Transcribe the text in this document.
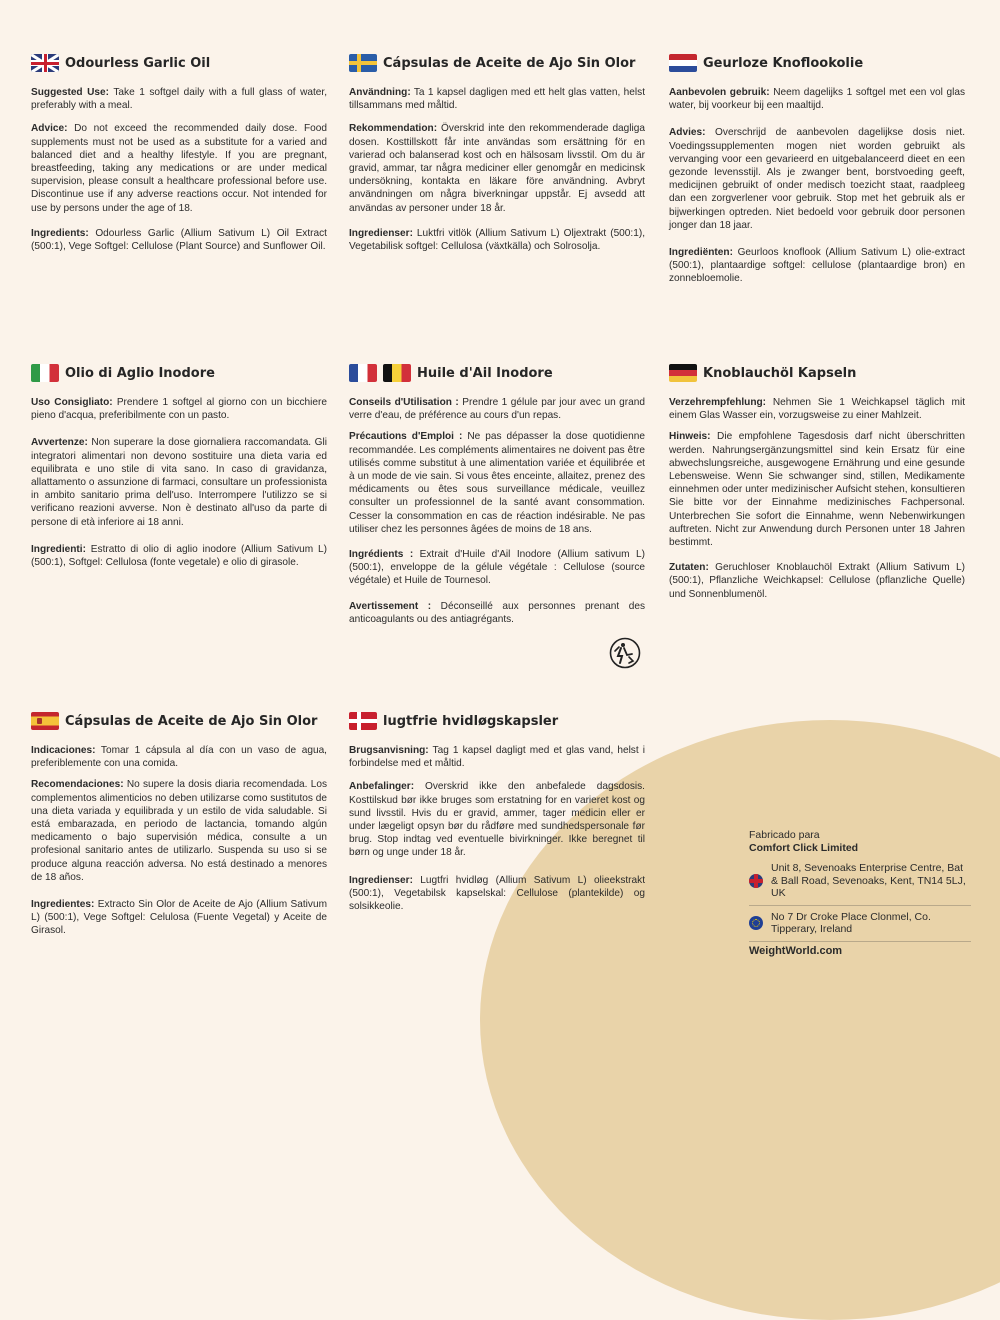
Odourless Garlic Oil

Suggested Use: Take 1 softgel daily with a full glass of water, preferably with a meal.

Advice: Do not exceed the recommended daily dose. Food supplements must not be used as a substitute for a varied and balanced diet and a healthy lifestyle. If you are pregnant, breastfeeding, taking any medications or are under medical supervision, please consult a healthcare professional before use. Discontinue use if any adverse reactions occur. Not intended for use by persons under the age of 18.

Ingredients: Odourless Garlic (Allium Sativum L) Oil Extract (500:1), Vege Softgel: Cellulose (Plant Source) and Sunflower Oil.

Cápsulas de Aceite de Ajo Sin Olor

Användning: Ta 1 kapsel dagligen med ett helt glas vatten, helst tillsammans med måltid.

Rekommendation: Överskrid inte den rekommenderade dagliga dosen. Kosttillskott får inte användas som ersättning för en varierad och balanserad kost och en hälsosam livsstil. Om du är gravid, ammar, tar några mediciner eller genomgår en medicinsk undersökning, kontakta en läkare före användning. Avbryt användningen om några biverkningar uppstår. Ej avsedd att användas av personer under 18 år.

Ingredienser: Luktfri vitlök (Allium Sativum L) Oljextrakt (500:1), Vegetabilisk softgel: Cellulosa (växtkälla) och Solrosolja.

Geurloze Knoflookolie

Aanbevolen gebruik: Neem dagelijks 1 softgel met een vol glas water, bij voorkeur bij een maaltijd.

Advies: Overschrijd de aanbevolen dagelijkse dosis niet. Voedingssupplementen mogen niet worden gebruikt als vervanging voor een gevarieerd en uitgebalanceerd dieet en een gezonde levensstijl. Als je zwanger bent, borstvoeding geeft, medicijnen gebruikt of onder medisch toezicht staat, raadpleeg dan een zorgverlener voor gebruik. Stop met het gebruik als er bijwerkingen optreden. Niet bedoeld voor gebruik door personen jonger dan 18 jaar.

Ingrediënten: Geurloos knoflook (Allium Sativum L) olie-extract (500:1), plantaardige softgel: cellulose (plantaardige bron) en zonnebloemolie.

Olio di Aglio Inodore

Uso Consigliato: Prendere 1 softgel al giorno con un bicchiere pieno d'acqua, preferibilmente con un pasto.

Avvertenze: Non superare la dose giornaliera raccomandata. Gli integratori alimentari non devono sostituire una dieta varia ed equilibrata e uno stile di vita sano. In caso di gravidanza, allattamento o assunzione di farmaci, consultare un professionista in ambito sanitario prima dell'uso. Interrompere l'utilizzo se si verificano reazioni avverse. Non è destinato all'uso da parte di persone di età inferiore ai 18 anni.

Ingredienti: Estratto di olio di aglio inodore (Allium Sativum L) (500:1), Softgel: Cellulosa (fonte vegetale) e olio di girasole.

Huile d'Ail Inodore

Conseils d'Utilisation : Prendre 1 gélule par jour avec un grand verre d'eau, de préférence au cours d'un repas.

Précautions d'Emploi : Ne pas dépasser la dose quotidienne recommandée. Les compléments alimentaires ne doivent pas être utilisés comme substitut à une alimentation variée et équilibrée et à un mode de vie sain. Si vous êtes enceinte, allaitez, prenez des médicaments ou êtes sous surveillance médicale, veuillez consulter un professionnel de la santé avant consommation. Cesser la consommation en cas de réaction indésirable. Ne pas utiliser chez les personnes âgées de moins de 18 ans.

Ingrédients : Extrait d'Huile d'Ail Inodore (Allium sativum L) (500:1), enveloppe de la gélule végétale : Cellulose (source végétale) et Huile de Tournesol.

Avertissement : Déconseillé aux personnes prenant des anticoagulants ou des antiagrégants.

Knoblauchöl Kapseln

Verzehrempfehlung: Nehmen Sie 1 Weichkapsel täglich mit einem Glas Wasser ein, vorzugsweise zu einer Mahlzeit.

Hinweis: Die empfohlene Tagesdosis darf nicht überschritten werden. Nahrungsergänzungsmittel sind kein Ersatz für eine abwechslungsreiche, ausgewogene Ernährung und eine gesunde Lebensweise. Wenn Sie schwanger sind, stillen, Medikamente einnehmen oder unter medizinischer Aufsicht stehen, konsultieren Sie bitte vor der Einnahme medizinisches Fachpersonal. Unterbrechen Sie sofort die Einnahme, wenn Nebenwirkungen auftreten. Nicht zur Anwendung durch Personen unter 18 Jahren bestimmt.

Zutaten: Geruchloser Knoblauchöl Extrakt (Allium Sativum L) (500:1), Pflanzliche Weichkapsel: Cellulose (pflanzliche Quelle) und Sonnenblumenöl.

Cápsulas de Aceite de Ajo Sin Olor

Indicaciones: Tomar 1 cápsula al día con un vaso de agua, preferiblemente con una comida.

Recomendaciones: No supere la dosis diaria recomendada. Los complementos alimenticios no deben utilizarse como sustitutos de una dieta variada y equilibrada y un estilo de vida saludable. Si está embarazada, en periodo de lactancia, tomando algún medicamento o bajo supervisión médica, consulte a un profesional sanitario antes de utilizarlo. Suspenda su uso si se produce alguna reacción adversa. No está destinado a menores de 18 años.

Ingredientes: Extracto Sin Olor de Aceite de Ajo (Allium Sativum L) (500:1), Vege Softgel: Celulosa (Fuente Vegetal) y Aceite de Girasol.

lugtfrie hvidløgskapsler

Brugsanvisning: Tag 1 kapsel dagligt med et glas vand, helst i forbindelse med et måltid.

Anbefalinger: Overskrid ikke den anbefalede dagsdosis. Kosttilskud bør ikke bruges som erstatning for en varieret kost og sund livsstil. Hvis du er gravid, ammer, tager medicin eller er under lægeligt opsyn bør du rådføre med sundhedspersonale før brug. Stop indtag ved eventuelle bivirkninger. Ikke beregnet til børn og unge under 18 år.

Ingredienser: Lugtfri hvidløg (Allium Sativum L) olieekstrakt (500:1), Vegetabilsk kapselskal: Cellulose (plantekilde) og solsikkeolie.

Fabricado para
Comfort Click Limited
Unit 8, Sevenoaks Enterprise Centre, Bat & Ball Road, Sevenoaks, Kent, TN14 5LJ, UK
No 7 Dr Croke Place Clonmel, Co. Tipperary, Ireland
WeightWorld.com
